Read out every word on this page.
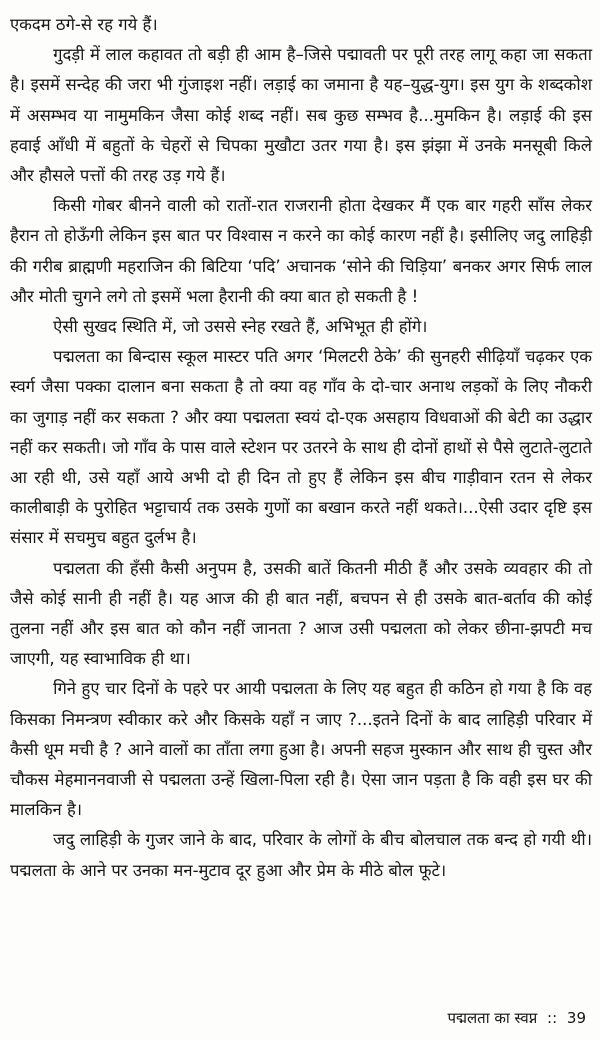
एकदम ठगे-से रह गये हैं।

गुदड़ी में लाल कहावत तो बड़ी ही आम है–जिसे पद्मावती पर पूरी तरह लागू कहा जा सकता है। इसमें सन्देह की जरा भी गुंजाइश नहीं। लड़ाई का जमाना है यह–युद्ध-युग। इस युग के शब्दकोश में असम्भव या नामुमकिन जैसा कोई शब्द नहीं। सब कुछ सम्भव है...मुमकिन है। लड़ाई की इस हवाई आँधी में बहुतों के चेहरों से चिपका मुखौटा उतर गया है। इस झंझा में उनके मनसूबी किले और हौसले पत्तों की तरह उड़ गये हैं।

किसी गोबर बीनने वाली को रातों-रात राजरानी होता देखकर मैं एक बार गहरी साँस लेकर हैरान तो होऊँगी लेकिन इस बात पर विश्वास न करने का कोई कारण नहीं है। इसीलिए जदु लाहिड़ी की गरीब ब्राह्मणी महराजिन की बिटिया ‘पदि’ अचानक ‘सोने की चिड़िया’ बनकर अगर सिर्फ लाल और मोती चुगने लगे तो इसमें भला हैरानी की क्या बात हो सकती है !

ऐसी सुखद स्थिति में, जो उससे स्नेह रखते हैं, अभिभूत ही होंगे।

पद्मलता का बिन्दास स्कूल मास्टर पति अगर ‘मिलटरी ठेके’ की सुनहरी सीढ़ियाँ चढ़कर एक स्वर्ग जैसा पक्का दालान बना सकता है तो क्या वह गाँव के दो-चार अनाथ लड़कों के लिए नौकरी का जुगाड़ नहीं कर सकता ? और क्या पद्मलता स्वयं दो-एक असहाय विधवाओं की बेटी का उद्धार नहीं कर सकती। जो गाँव के पास वाले स्टेशन पर उतरने के साथ ही दोनों हाथों से पैसे लुटाते-लुटाते आ रही थी, उसे यहाँ आये अभी दो ही दिन तो हुए हैं लेकिन इस बीच गाड़ीवान रतन से लेकर कालीबाड़ी के पुरोहित भट्टाचार्य तक उसके गुणों का बखान करते नहीं थकते।...ऐसी उदार दृष्टि इस संसार में सचमुच बहुत दुर्लभ है।

पद्मलता की हँसी कैसी अनुपम है, उसकी बातें कितनी मीठी हैं और उसके व्यवहार की तो जैसे कोई सानी ही नहीं है। यह आज की ही बात नहीं, बचपन से ही उसके बात-बर्ताव की कोई तुलना नहीं और इस बात को कौन नहीं जानता ? आज उसी पद्मलता को लेकर छीना-झपटी मच जाएगी, यह स्वाभाविक ही था।

गिने हुए चार दिनों के पहरे पर आयी पद्मलता के लिए यह बहुत ही कठिन हो गया है कि वह किसका निमन्त्रण स्वीकार करे और किसके यहाँ न जाए ?...इतने दिनों के बाद लाहिड़ी परिवार में कैसी धूम मची है ? आने वालों का ताँता लगा हुआ है। अपनी सहज मुस्कान और साथ ही चुस्त और चौकस मेहमाननवाजी से पद्मलता उन्हें खिला-पिला रही है। ऐसा जान पड़ता है कि वही इस घर की मालकिन है।

जदु लाहिड़ी के गुजर जाने के बाद, परिवार के लोगों के बीच बोलचाल तक बन्द हो गयी थी। पद्मलता के आने पर उनका मन-मुटाव दूर हुआ और प्रेम के मीठे बोल फूटे।

पद्मलता का स्वप्न :: 39
